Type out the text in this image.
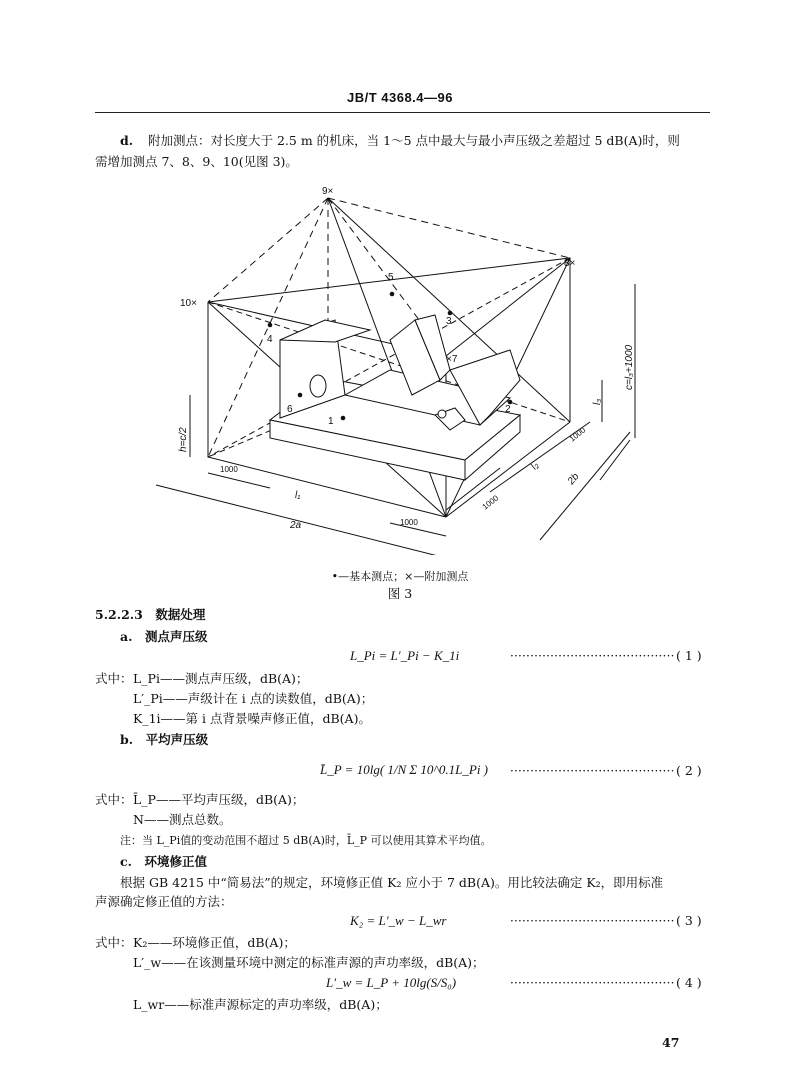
JB/T 4368.4—96
d. 附加测点：对长度大于 2.5 m 的机床，当 1～5 点中最大与最小声压级之差超过 5 dB(A)时，则
需增加测点 7、8、9、10(见图 3)。
1
2
3
4
5
6
×7
8×
9×
10×
1000
l₁
2a	1000
1000
l₂
2b
1000
l₃
c=l₃+1000
h=c/2
•—基本测点；×—附加测点
图 3
5.2.2.3　数据处理
a.　测点声压级
L_Pi = L′_Pi − K_1i	········································· ( 1 )
式中： L_Pi——测点声压级，dB(A)；
L′_Pi——声级计在 i 点的读数值，dB(A)；
K_1i——第 i 点背景噪声修正值，dB(A)。
b.　平均声压级
L̄_P = 10lg( 1/N Σ 10^0.1L_Pi ) ········································· ( 2 )
式中： L̄_P——平均声压级，dB(A)；
N——测点总数。
注：当 L_Pi值的变动范围不超过 5 dB(A)时，L̄_P 可以使用其算术平均值。
c.　环境修正值
根据 GB 4215 中“简易法”的规定，环境修正值 K₂ 应小于 7 dB(A)。用比较法确定 K₂，即用标准
声源确定修正值的方法：
K₂ = L′_w − L_wr	········································· ( 3 )
式中： K₂——环境修正值，dB(A)；
L′_w——在该测量环境中测定的标准声源的声功率级，dB(A)；
L′_w = L_P + 10lg(S/S₀)	········································· ( 4 )
L_wr——标准声源标定的声功率级，dB(A)；
47
